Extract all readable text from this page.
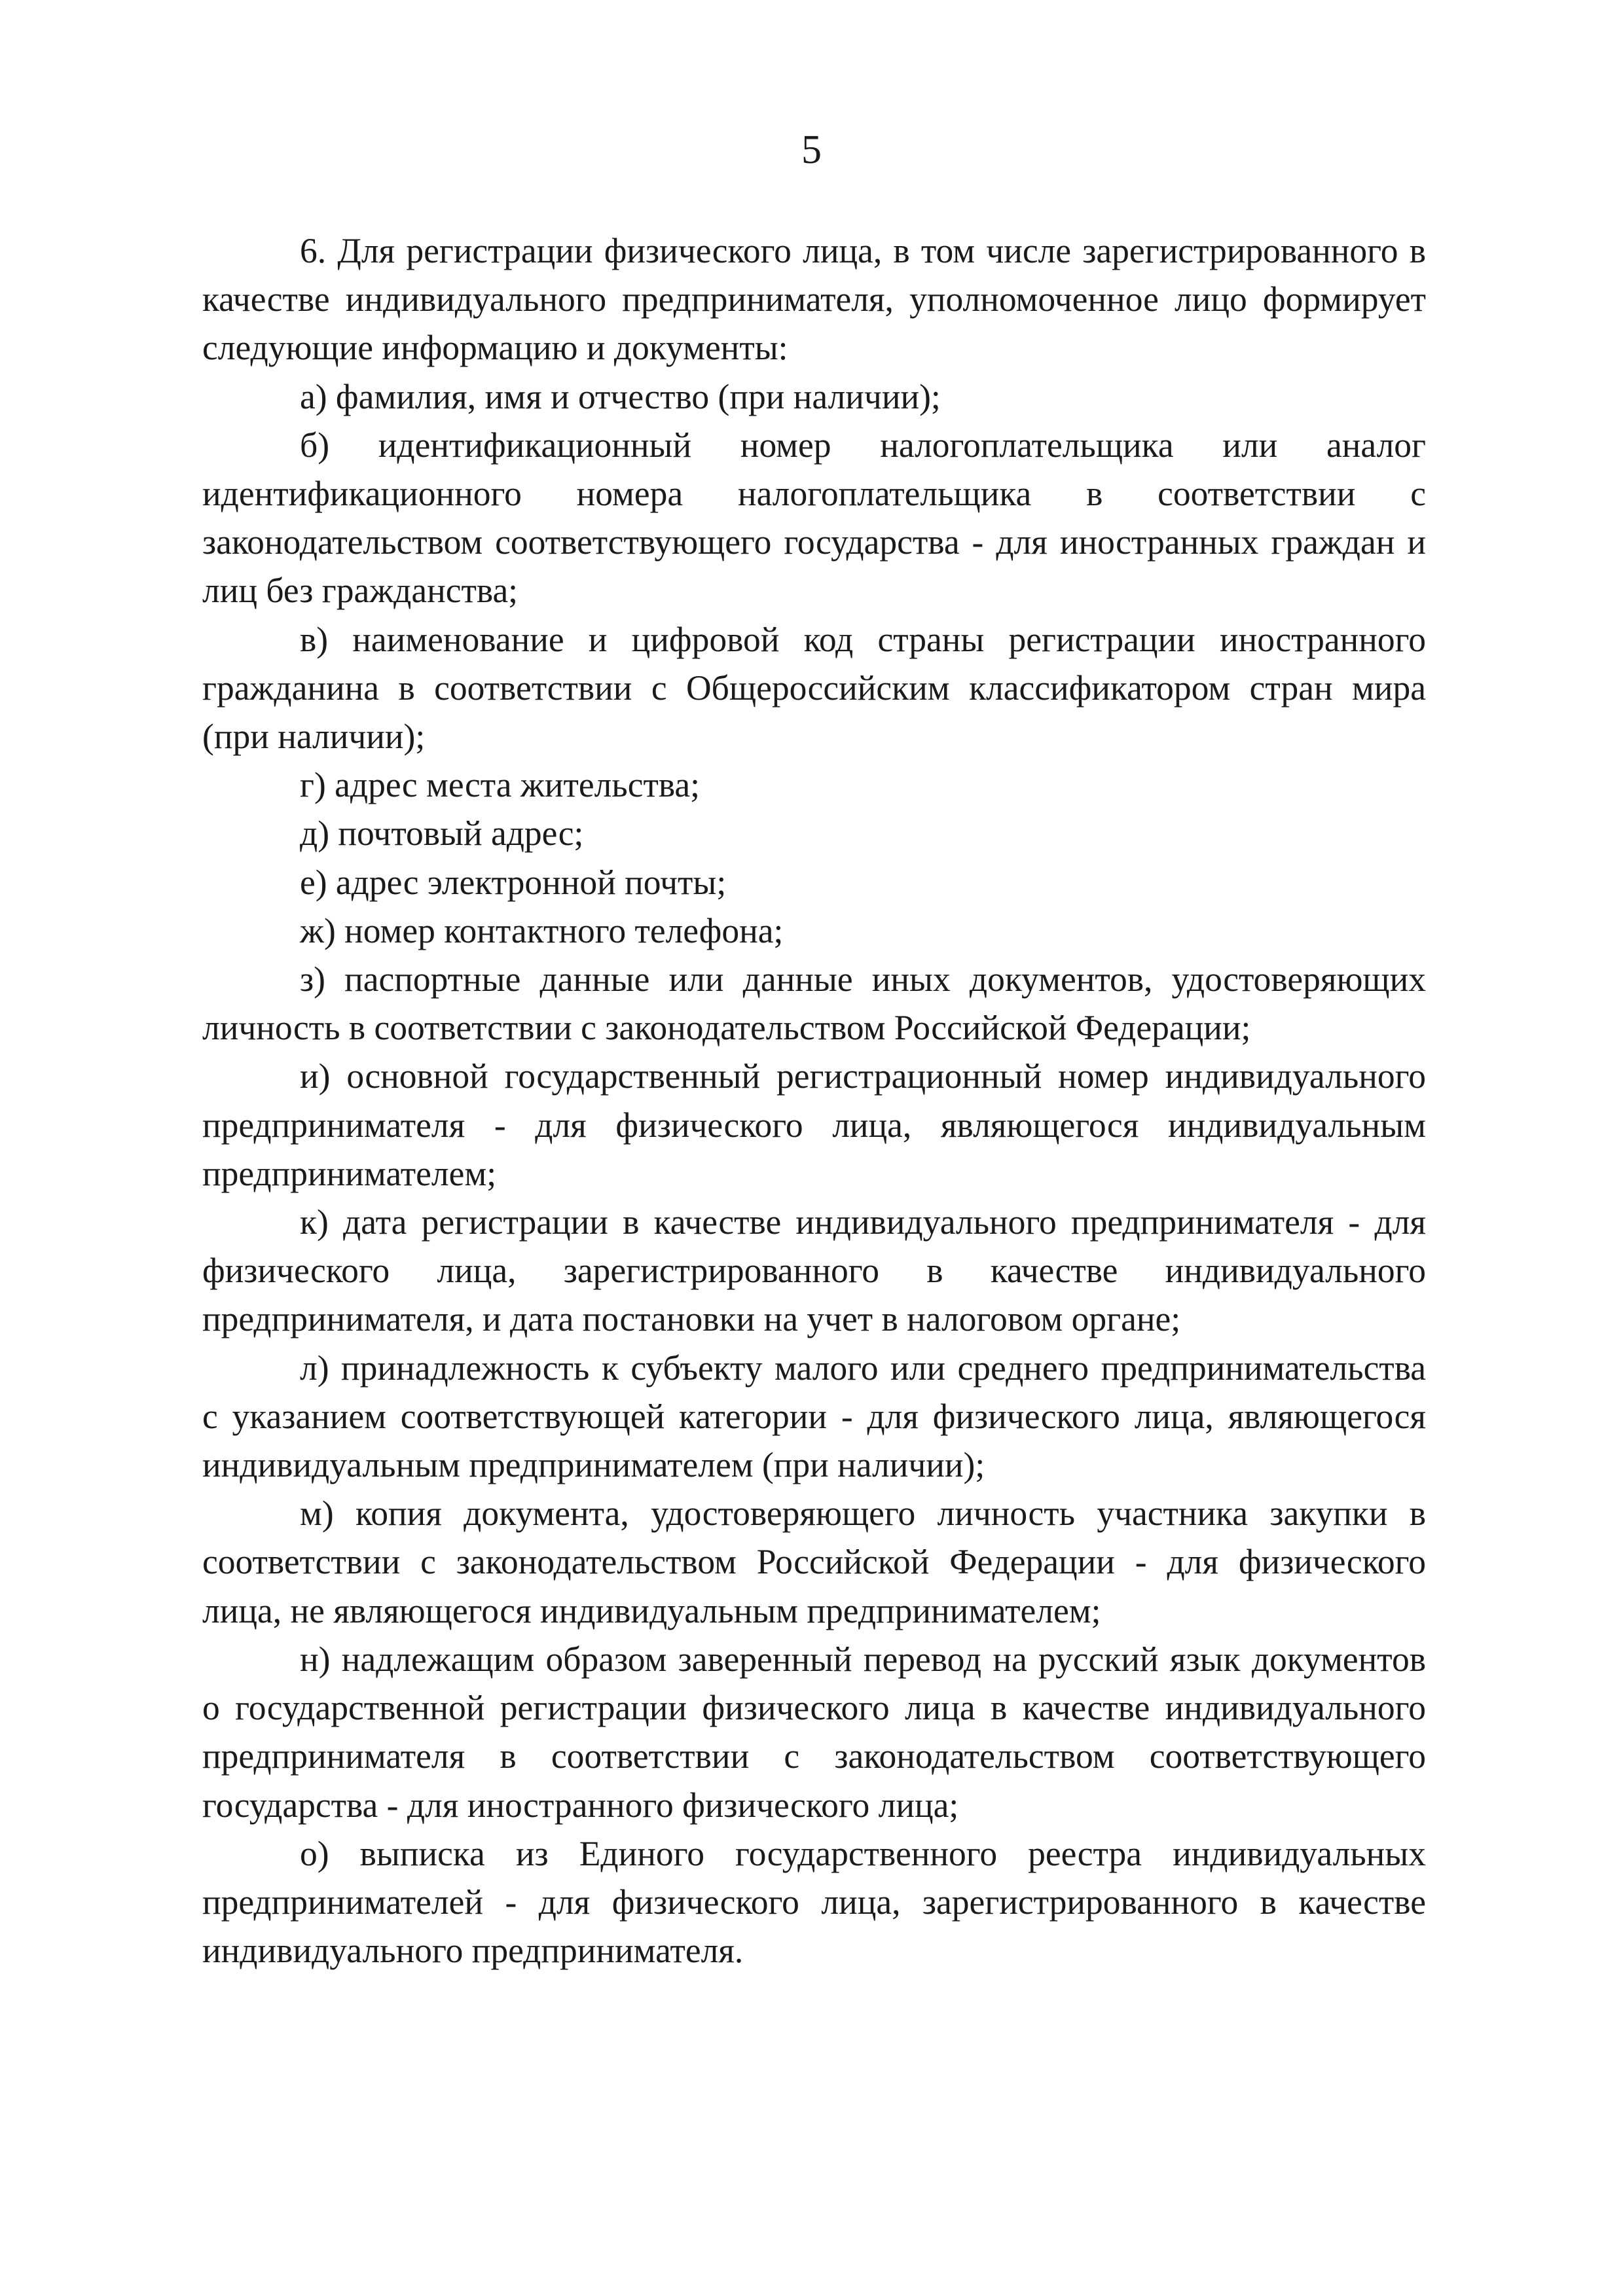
5

6. Для регистрации физического лица, в том числе зарегистрированного в качестве индивидуального предпринимателя, уполномоченное лицо формирует следующие информацию и документы:

а) фамилия, имя и отчество (при наличии);

б) идентификационный номер налогоплательщика или аналог идентификационного номера налогоплательщика в соответствии с законодательством соответствующего государства - для иностранных граждан и лиц без гражданства;

в) наименование и цифровой код страны регистрации иностранного гражданина в соответствии с Общероссийским классификатором стран мира (при наличии);

г) адрес места жительства;

д) почтовый адрес;

е) адрес электронной почты;

ж) номер контактного телефона;

з) паспортные данные или данные иных документов, удостоверяющих личность в соответствии с законодательством Российской Федерации;

и) основной государственный регистрационный номер индивидуального предпринимателя - для физического лица, являющегося индивидуальным предпринимателем;

к) дата регистрации в качестве индивидуального предпринимателя - для физического лица, зарегистрированного в качестве индивидуального предпринимателя, и дата постановки на учет в налоговом органе;

л) принадлежность к субъекту малого или среднего предпринимательства с указанием соответствующей категории - для физического лица, являющегося индивидуальным предпринимателем (при наличии);

м) копия документа, удостоверяющего личность участника закупки в соответствии с законодательством Российской Федерации - для физического лица, не являющегося индивидуальным предпринимателем;

н) надлежащим образом заверенный перевод на русский язык документов о государственной регистрации физического лица в качестве индивидуального предпринимателя в соответствии с законодательством соответствующего государства - для иностранного физического лица;

о) выписка из Единого государственного реестра индивидуальных предпринимателей - для физического лица, зарегистрированного в качестве индивидуального предпринимателя.
